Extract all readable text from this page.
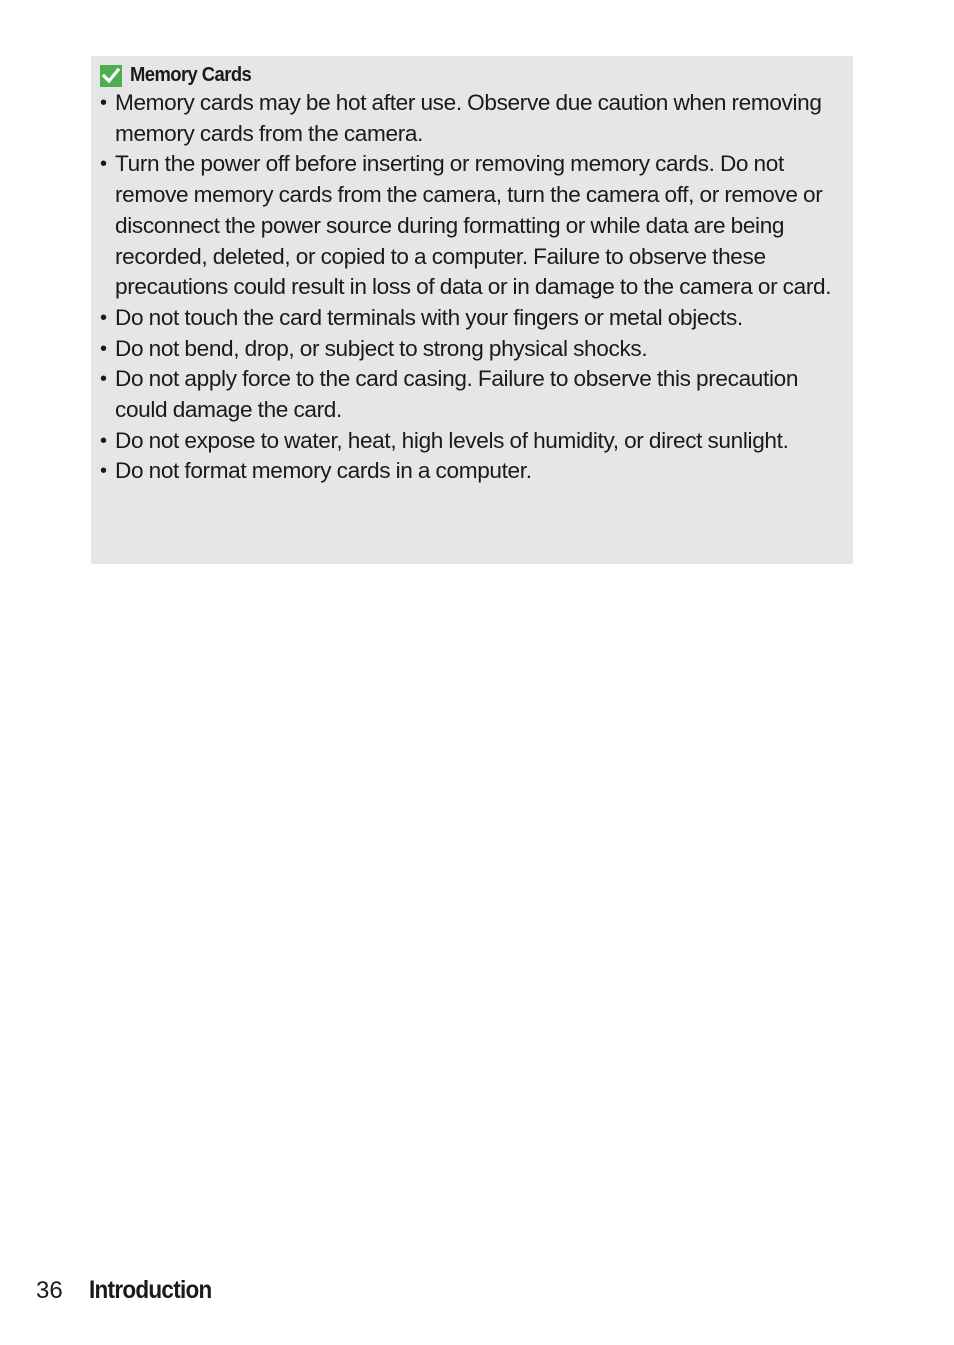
Memory Cards
• Memory cards may be hot after use. Observe due caution when removing memory cards from the camera.
• Turn the power off before inserting or removing memory cards. Do not remove memory cards from the camera, turn the camera off, or remove or disconnect the power source during formatting or while data are being recorded, deleted, or copied to a computer. Failure to observe these precautions could result in loss of data or in damage to the camera or card.
• Do not touch the card terminals with your fingers or metal objects.
• Do not bend, drop, or subject to strong physical shocks.
• Do not apply force to the card casing. Failure to observe this precaution could damage the card.
• Do not expose to water, heat, high levels of humidity, or direct sunlight.
• Do not format memory cards in a computer.
36 Introduction
